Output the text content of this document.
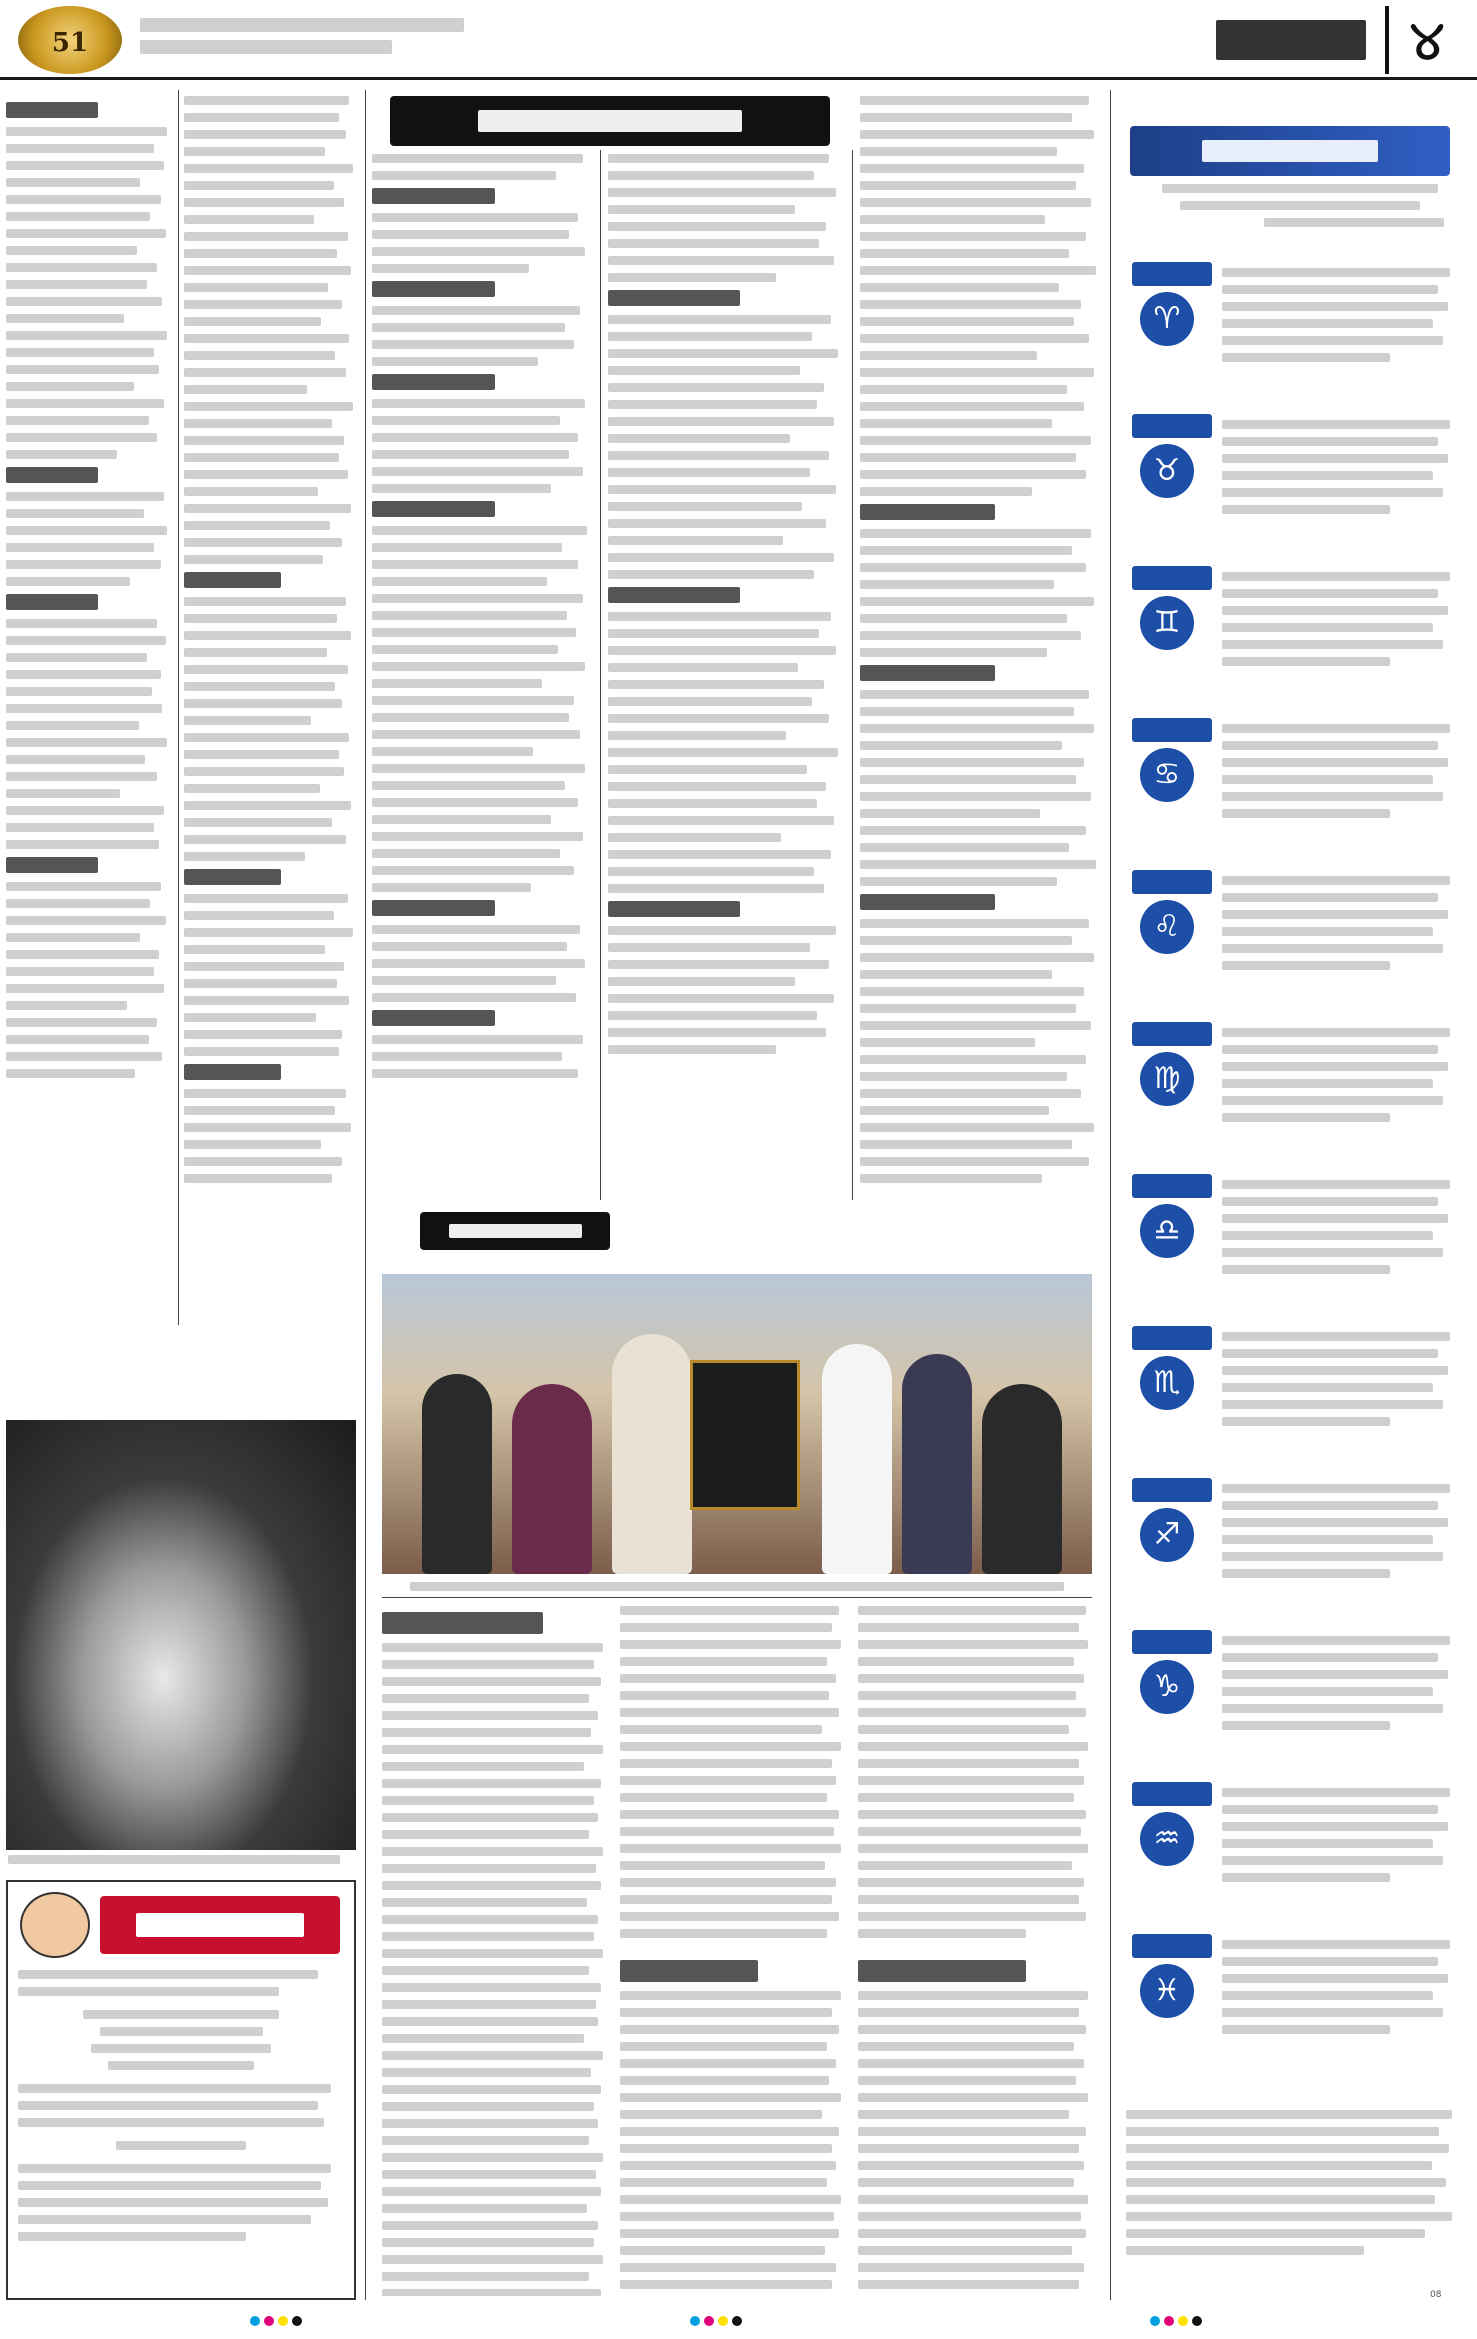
51	୪
♈
♉
♊
♋
♌
♍
♎
♏
♐
♑
♒
♓
08
